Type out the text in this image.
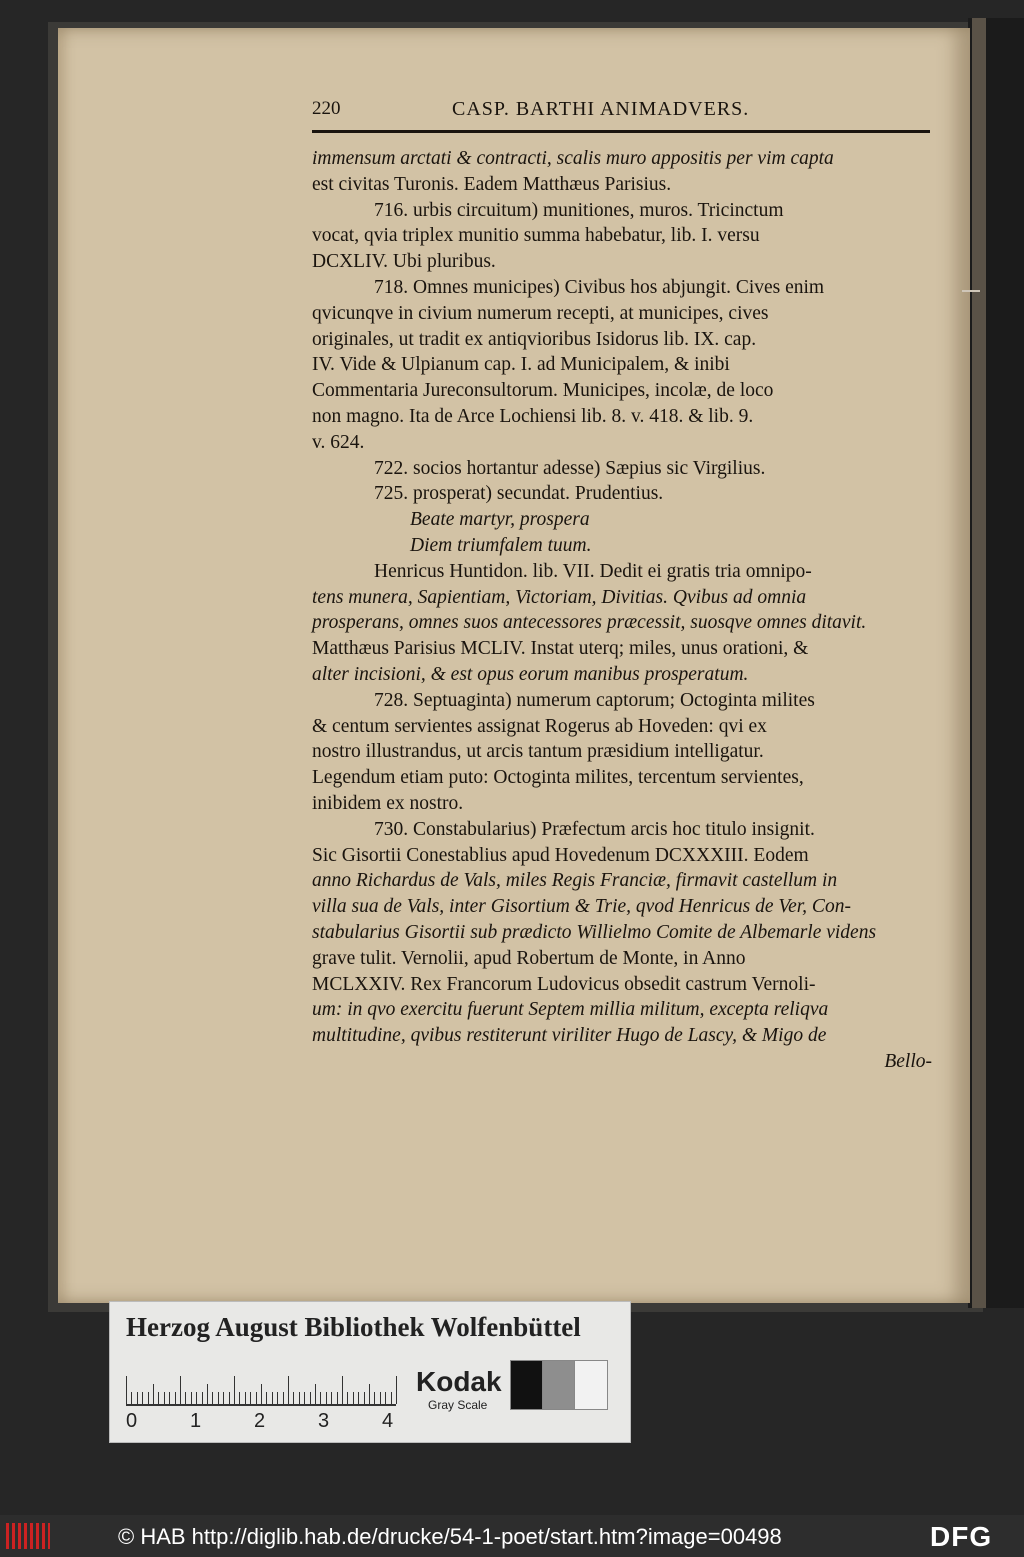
220	CASP. BARTHI ANIMADVERS.

immensum arctati & contracti, scalis muro appositis per vim capta

est civitas Turonis. Eadem Matthæus Parisius.

716. urbis circuitum) munitiones, muros. Tricinctum

vocat, qvia triplex munitio summa habebatur, lib. I. versu

DCXLIV. Ubi pluribus.

718. Omnes municipes) Civibus hos abjungit. Cives enim

qvicunqve in civium numerum recepti, at municipes, cives

originales, ut tradit ex antiqvioribus Isidorus lib. IX. cap.

IV. Vide & Ulpianum cap. I. ad Municipalem, & inibi

Commentaria Jureconsultorum. Municipes, incolæ, de loco

non magno. Ita de Arce Lochiensi lib. 8. v. 418. & lib. 9.

v. 624.

722. socios hortantur adesse) Sæpius sic Virgilius.

725. prosperat) secundat. Prudentius.

Beate martyr, prospera

Diem triumfalem tuum.

Henricus Huntidon. lib. VII. Dedit ei gratis tria omnipo-

tens munera, Sapientiam, Victoriam, Divitias. Qvibus ad omnia

prosperans, omnes suos antecessores præcessit, suosqve omnes ditavit.

Matthæus Parisius MCLIV. Instat uterq; miles, unus orationi, &

alter incisioni, & est opus eorum manibus prosperatum.

728. Septuaginta) numerum captorum; Octoginta milites

& centum servientes assignat Rogerus ab Hoveden: qvi ex

nostro illustrandus, ut arcis tantum præsidium intelligatur.

Legendum etiam puto: Octoginta milites, tercentum servientes,

inibidem ex nostro.

730. Constabularius) Præfectum arcis hoc titulo insignit.

Sic Gisortii Conestablius apud Hovedenum DCXXXIII. Eodem

anno Richardus de Vals, miles Regis Franciæ, firmavit castellum in

villa sua de Vals, inter Gisortium & Trie, qvod Henricus de Ver, Con-

stabularius Gisortii sub prædicto Willielmo Comite de Albemarle videns

grave tulit. Vernolii, apud Robertum de Monte, in Anno

MCLXXIV. Rex Francorum Ludovicus obsedit castrum Vernoli-

um: in qvo exercitu fuerunt Septem millia militum, excepta reliqva

multitudine, qvibus restiterunt viriliter Hugo de Lascy, & Migo de

Bello-

Herzog August Bibliothek Wolfenbüttel
0	1	2	3	4
Kodak
Gray Scale
© HAB http://diglib.hab.de/drucke/54-1-poet/start.htm?image=00498	DFG
